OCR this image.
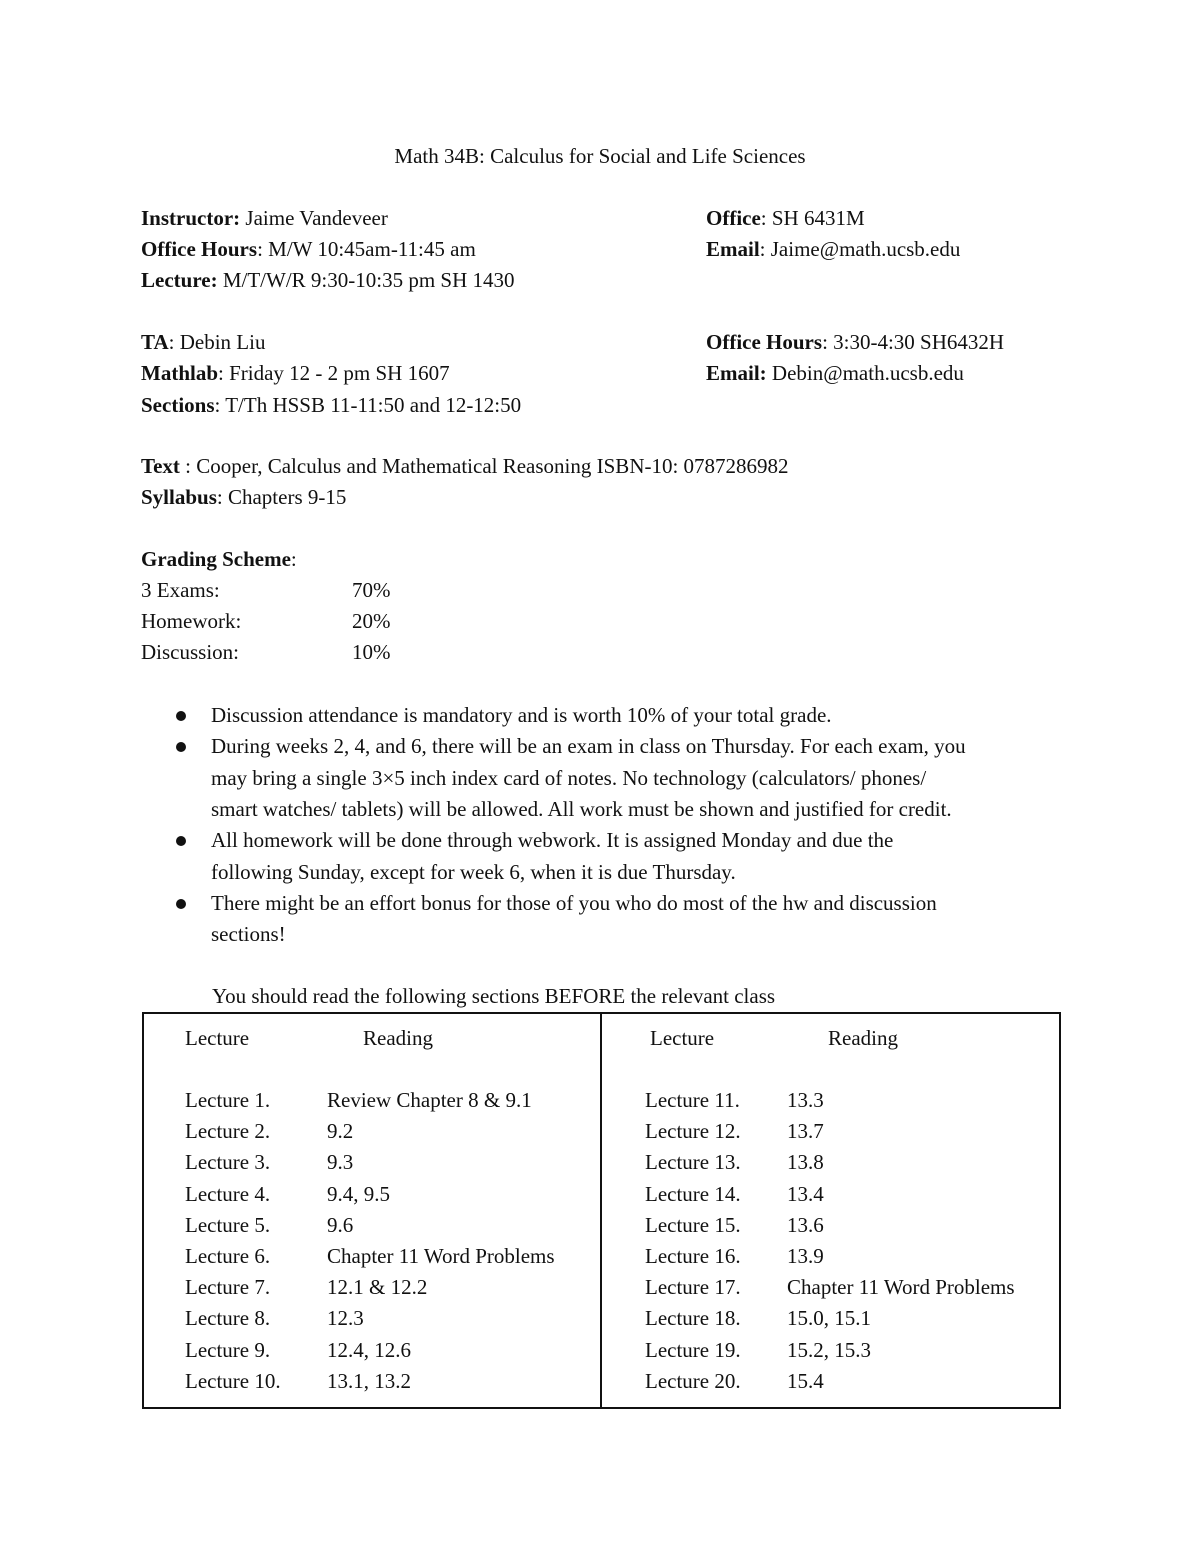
Math 34B: Calculus for Social and Life Sciences
Instructor: Jaime Vandeveer	Office: SH 6431M
Office Hours: M/W 10:45am-11:45 am	Email: Jaime@math.ucsb.edu
Lecture: M/T/W/R 9:30-10:35 pm SH 1430
TA: Debin Liu	Office Hours: 3:30-4:30 SH6432H
Mathlab: Friday 12 - 2 pm SH 1607	Email: Debin@math.ucsb.edu
Sections: T/Th HSSB 11-11:50 and 12-12:50
Text : Cooper, Calculus and Mathematical Reasoning ISBN-10: 0787286982
Syllabus: Chapters 9-15
Grading Scheme:
3 Exams:	70%
Homework:	20%
Discussion:	10%
Discussion attendance is mandatory and is worth 10% of your total grade.
During weeks 2, 4, and 6, there will be an exam in class on Thursday. For each exam, you
may bring a single 3×5 inch index card of notes. No technology (calculators/ phones/
smart watches/ tablets) will be allowed. All work must be shown and justified for credit.
All homework will be done through webwork. It is assigned Monday and due the
following Sunday, except for week 6, when it is due Thursday.
There might be an effort bonus for those of you who do most of the hw and discussion
sections!
You should read the following sections BEFORE the relevant class
Lecture	Reading	Lecture	Reading
Lecture 1.	Review Chapter 8 & 9.1
Lecture 2.	9.2
Lecture 3.	9.3
Lecture 4.	9.4, 9.5
Lecture 5.	9.6
Lecture 6.	Chapter 11 Word Problems
Lecture 7.	12.1 & 12.2
Lecture 8.	12.3
Lecture 9.	12.4, 12.6
Lecture 10. 13.1, 13.2
Lecture 11. 13.3
Lecture 12. 13.7
Lecture 13. 13.8
Lecture 14. 13.4
Lecture 15. 13.6
Lecture 16. 13.9
Lecture 17. Chapter 11 Word Problems
Lecture 18. 15.0, 15.1
Lecture 19. 15.2, 15.3
Lecture 20. 15.4
